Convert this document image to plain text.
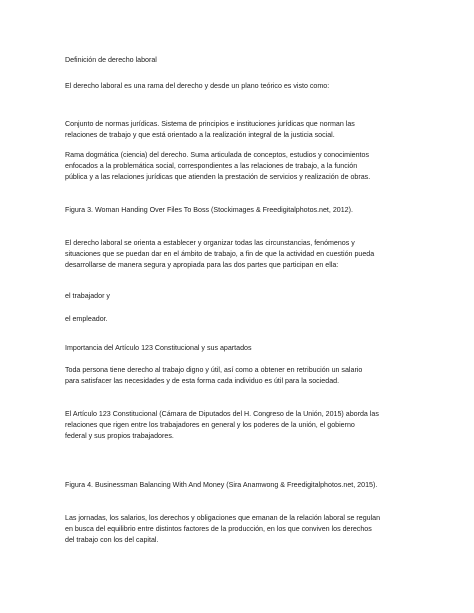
Definición de derecho laboral

El derecho laboral es una rama del derecho y desde un plano teórico es visto como:

Conjunto de normas jurídicas. Sistema de principios e instituciones jurídicas que norman las
relaciones de trabajo y que está orientado a la realización integral de la justicia social.

Rama dogmática (ciencia) del derecho. Suma articulada de conceptos, estudios y conocimientos
enfocados a la problemática social, correspondientes a las relaciones de trabajo, a la función
pública y a las relaciones jurídicas que atienden la prestación de servicios y realización de obras.

Figura 3. Woman Handing Over Files To Boss (Stockimages & Freedigitalphotos.net, 2012).

El derecho laboral se orienta a establecer y organizar todas las circunstancias, fenómenos y
situaciones que se puedan dar en el ámbito de trabajo, a fin de que la actividad en cuestión pueda
desarrollarse de manera segura y apropiada para las dos partes que participan en ella:

el trabajador y

el empleador.

Importancia del Artículo 123 Constitucional y sus apartados

Toda persona tiene derecho al trabajo digno y útil, así como a obtener en retribución un salario
para satisfacer las necesidades y de esta forma cada individuo es útil para la sociedad.

El Artículo 123 Constitucional (Cámara de Diputados del H. Congreso de la Unión, 2015) aborda las
relaciones que rigen entre los trabajadores en general y los poderes de la unión, el gobierno
federal y sus propios trabajadores.

Figura 4. Businessman Balancing With And Money (Sira Anamwong & Freedigitalphotos.net, 2015).

Las jornadas, los salarios, los derechos y obligaciones que emanan de la relación laboral se regulan
en busca del equilibrio entre distintos factores de la producción, en los que conviven los derechos
del trabajo con los del capital.
